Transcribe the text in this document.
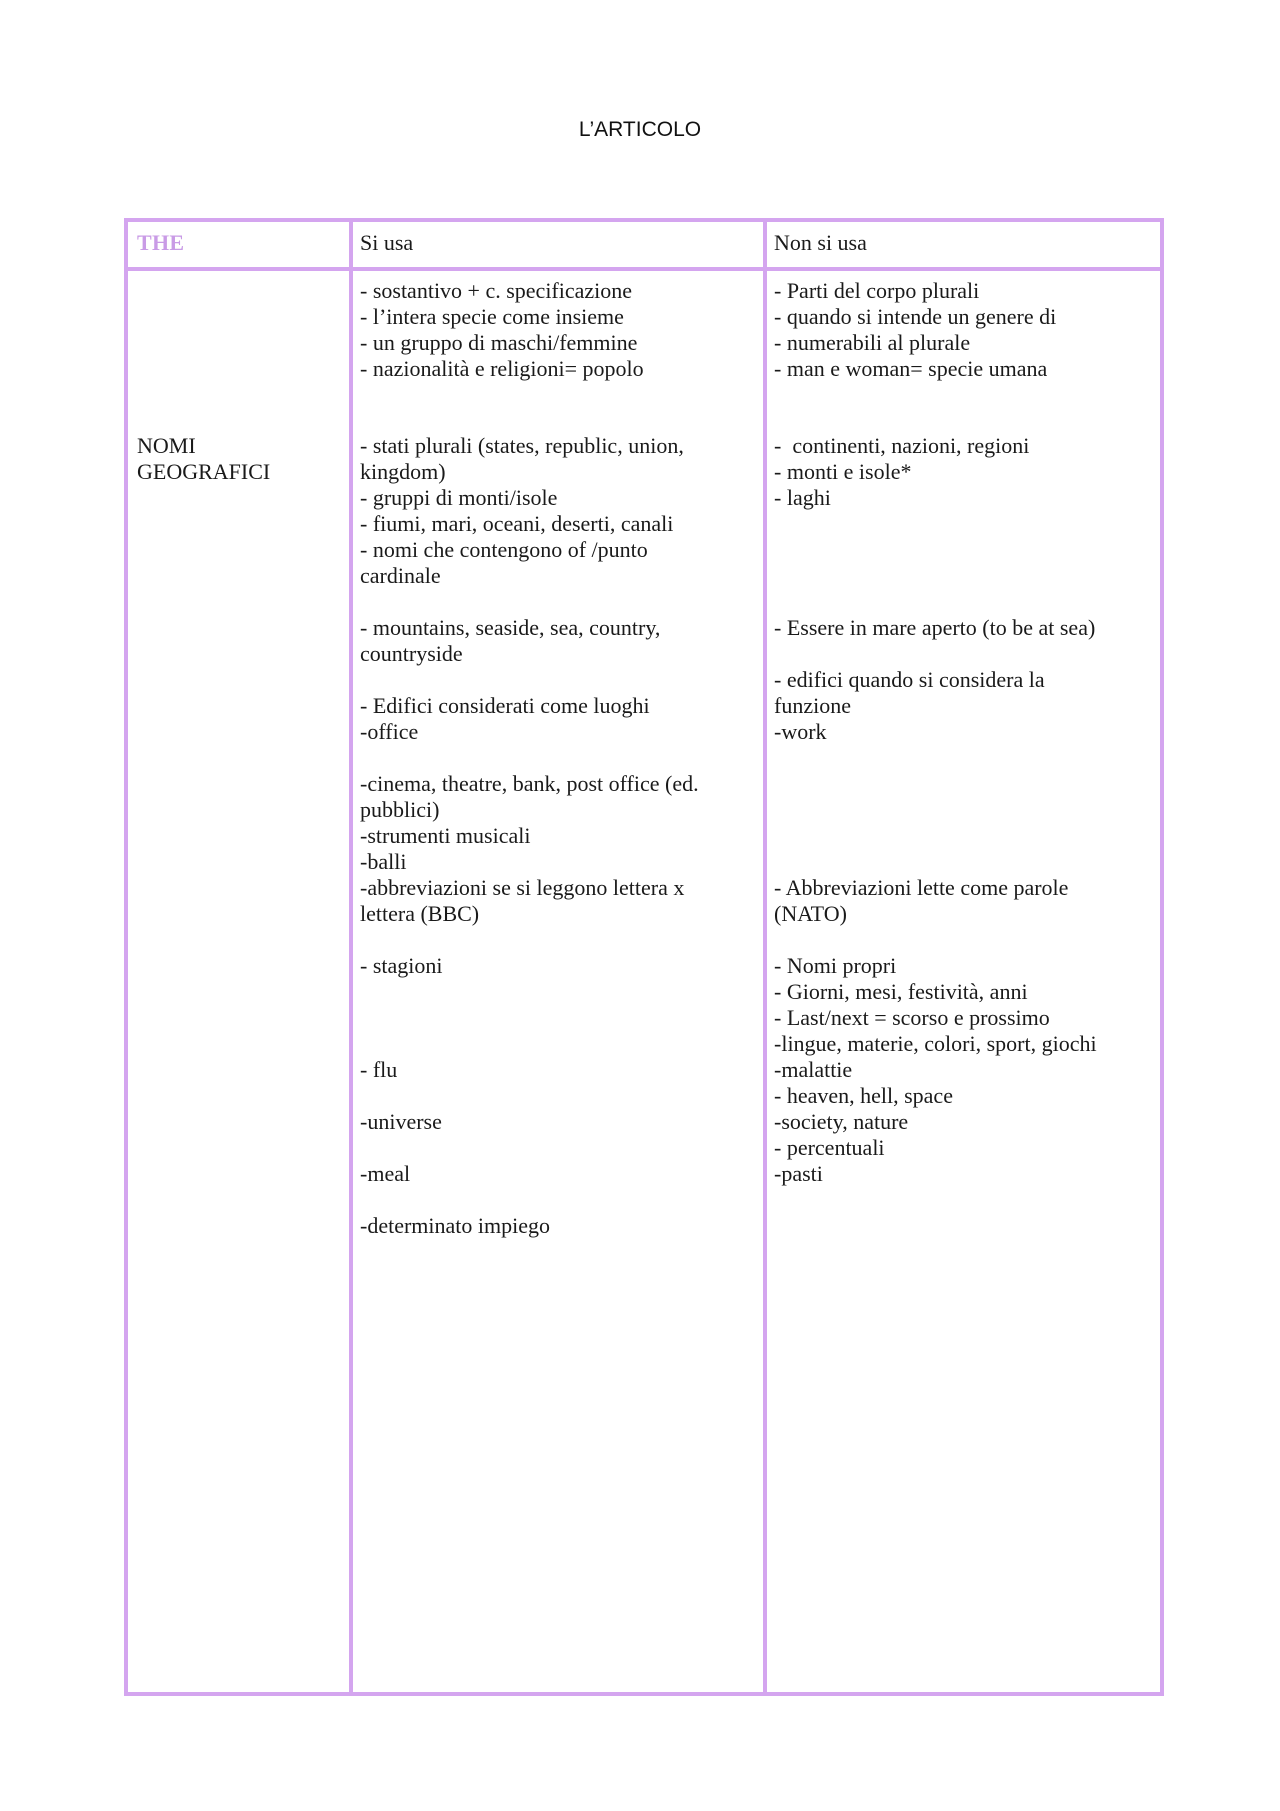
L’ARTICOLO
THE	Si usa	Non si usa
NOMI
GEOGRAFICI
- sostantivo + c. specificazione
- l’intera specie come insieme
- un gruppo di maschi/femmine
- nazionalità e religioni= popolo
- stati plurali (states, republic, union,
kingdom)
- gruppi di monti/isole
- fiumi, mari, oceani, deserti, canali
- nomi che contengono of /punto
cardinale
- mountains, seaside, sea, country,
countryside
- Edifici considerati come luoghi
-office
-cinema, theatre, bank, post office (ed.
pubblici)
-strumenti musicali
-balli
-abbreviazioni se si leggono lettera x
lettera (BBC)
- stagioni
- flu
-universe
-meal
-determinato impiego
- Parti del corpo plurali
- quando si intende un genere di
- numerabili al plurale
- man e woman= specie umana
-  continenti, nazioni, regioni
- monti e isole*
- laghi
- Essere in mare aperto (to be at sea)
- edifici quando si considera la
funzione
-work
- Abbreviazioni lette come parole
(NATO)
- Nomi propri
- Giorni, mesi, festività, anni
- Last/next = scorso e prossimo
-lingue, materie, colori, sport, giochi
-malattie
- heaven, hell, space
-society, nature
- percentuali
-pasti
